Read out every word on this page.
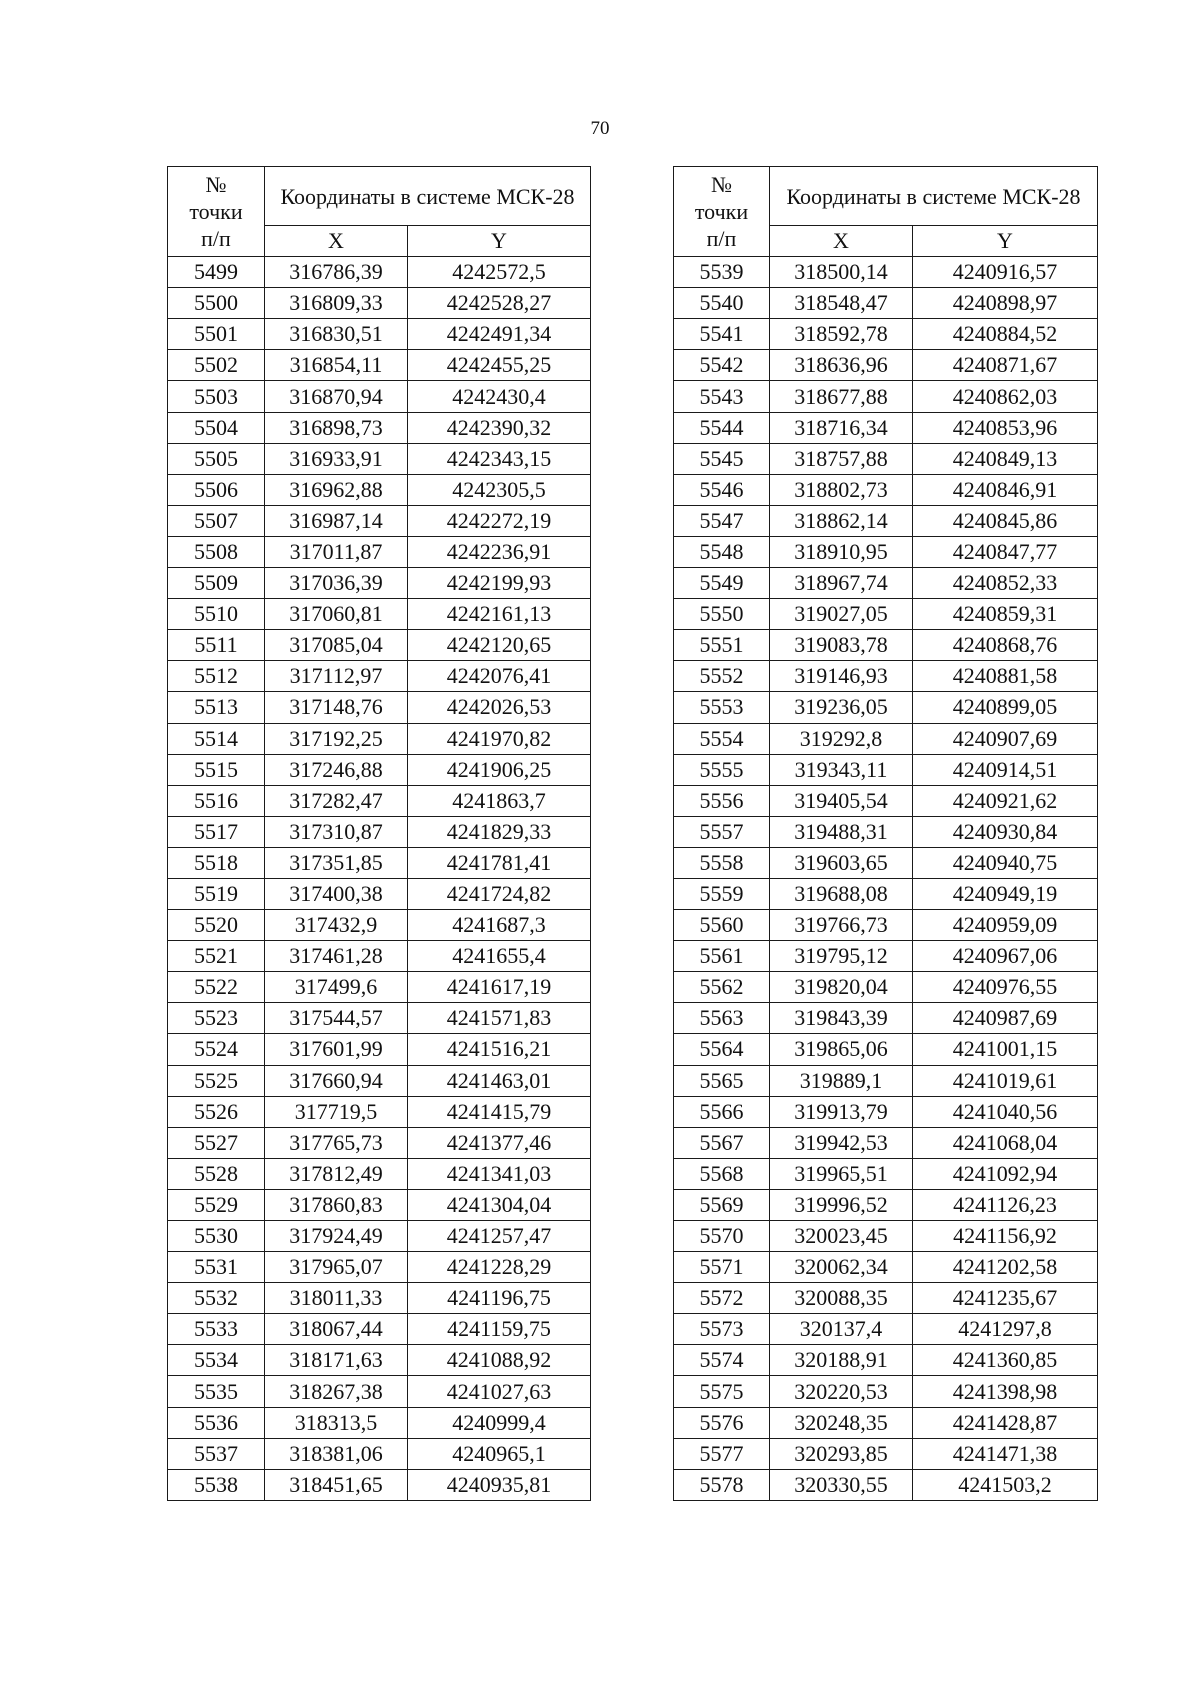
70
№
точки
п/п	Координаты в системе МСК-28	
	X	Y
5499	316786,39	4242572,5
5500	316809,33	4242528,27
5501	316830,51	4242491,34
5502	316854,11	4242455,25
5503	316870,94	4242430,4
5504	316898,73	4242390,32
5505	316933,91	4242343,15
5506	316962,88	4242305,5
5507	316987,14	4242272,19
5508	317011,87	4242236,91
5509	317036,39	4242199,93
5510	317060,81	4242161,13
5511	317085,04	4242120,65
5512	317112,97	4242076,41
5513	317148,76	4242026,53
5514	317192,25	4241970,82
5515	317246,88	4241906,25
5516	317282,47	4241863,7
5517	317310,87	4241829,33
5518	317351,85	4241781,41
5519	317400,38	4241724,82
5520	317432,9	4241687,3
5521	317461,28	4241655,4
5522	317499,6	4241617,19
5523	317544,57	4241571,83
5524	317601,99	4241516,21
5525	317660,94	4241463,01
5526	317719,5	4241415,79
5527	317765,73	4241377,46
5528	317812,49	4241341,03
5529	317860,83	4241304,04
5530	317924,49	4241257,47
5531	317965,07	4241228,29
5532	318011,33	4241196,75
5533	318067,44	4241159,75
5534	318171,63	4241088,92
5535	318267,38	4241027,63
5536	318313,5	4240999,4
5537	318381,06	4240965,1
5538	318451,65	4240935,81
№
точки
п/п	Координаты в системе МСК-28	
	X	Y
5539	318500,14	4240916,57
5540	318548,47	4240898,97
5541	318592,78	4240884,52
5542	318636,96	4240871,67
5543	318677,88	4240862,03
5544	318716,34	4240853,96
5545	318757,88	4240849,13
5546	318802,73	4240846,91
5547	318862,14	4240845,86
5548	318910,95	4240847,77
5549	318967,74	4240852,33
5550	319027,05	4240859,31
5551	319083,78	4240868,76
5552	319146,93	4240881,58
5553	319236,05	4240899,05
5554	319292,8	4240907,69
5555	319343,11	4240914,51
5556	319405,54	4240921,62
5557	319488,31	4240930,84
5558	319603,65	4240940,75
5559	319688,08	4240949,19
5560	319766,73	4240959,09
5561	319795,12	4240967,06
5562	319820,04	4240976,55
5563	319843,39	4240987,69
5564	319865,06	4241001,15
5565	319889,1	4241019,61
5566	319913,79	4241040,56
5567	319942,53	4241068,04
5568	319965,51	4241092,94
5569	319996,52	4241126,23
5570	320023,45	4241156,92
5571	320062,34	4241202,58
5572	320088,35	4241235,67
5573	320137,4	4241297,8
5574	320188,91	4241360,85
5575	320220,53	4241398,98
5576	320248,35	4241428,87
5577	320293,85	4241471,38
5578	320330,55	4241503,2
